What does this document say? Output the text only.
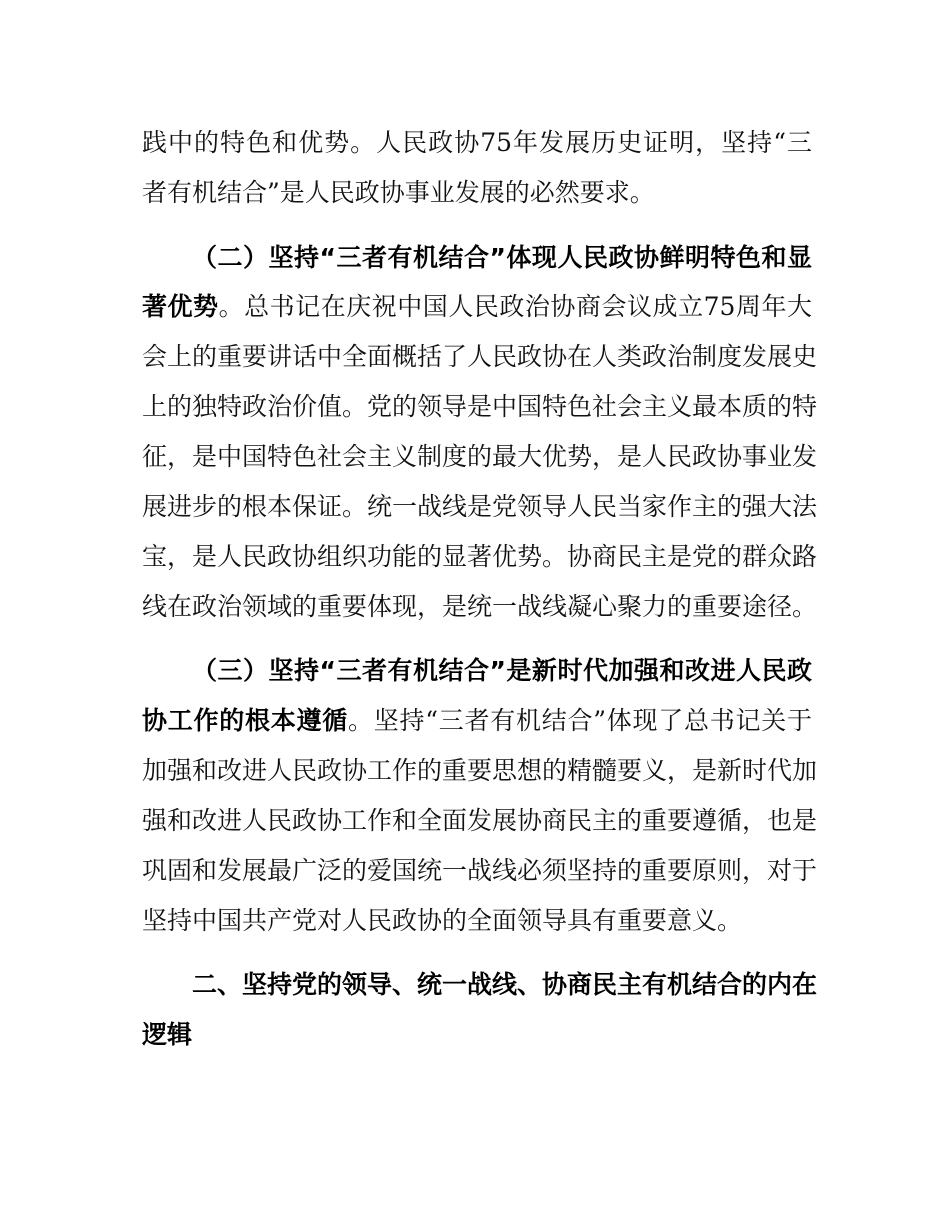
践中的特色和优势。人民政协75年发展历史证明，坚持“三
者有机结合”是人民政协事业发展的必然要求。
（二）坚持“三者有机结合”体现人民政协鲜明特色和显
著优势。总书记在庆祝中国人民政治协商会议成立75周年大
会上的重要讲话中全面概括了人民政协在人类政治制度发展史
上的独特政治价值。党的领导是中国特色社会主义最本质的特
征，是中国特色社会主义制度的最大优势，是人民政协事业发
展进步的根本保证。统一战线是党领导人民当家作主的强大法
宝，是人民政协组织功能的显著优势。协商民主是党的群众路
线在政治领域的重要体现，是统一战线凝心聚力的重要途径。
（三）坚持“三者有机结合”是新时代加强和改进人民政
协工作的根本遵循。坚持“三者有机结合”体现了总书记关于
加强和改进人民政协工作的重要思想的精髓要义，是新时代加
强和改进人民政协工作和全面发展协商民主的重要遵循，也是
巩固和发展最广泛的爱国统一战线必须坚持的重要原则，对于
坚持中国共产党对人民政协的全面领导具有重要意义。
二、坚持党的领导、统一战线、协商民主有机结合的内在
逻辑
